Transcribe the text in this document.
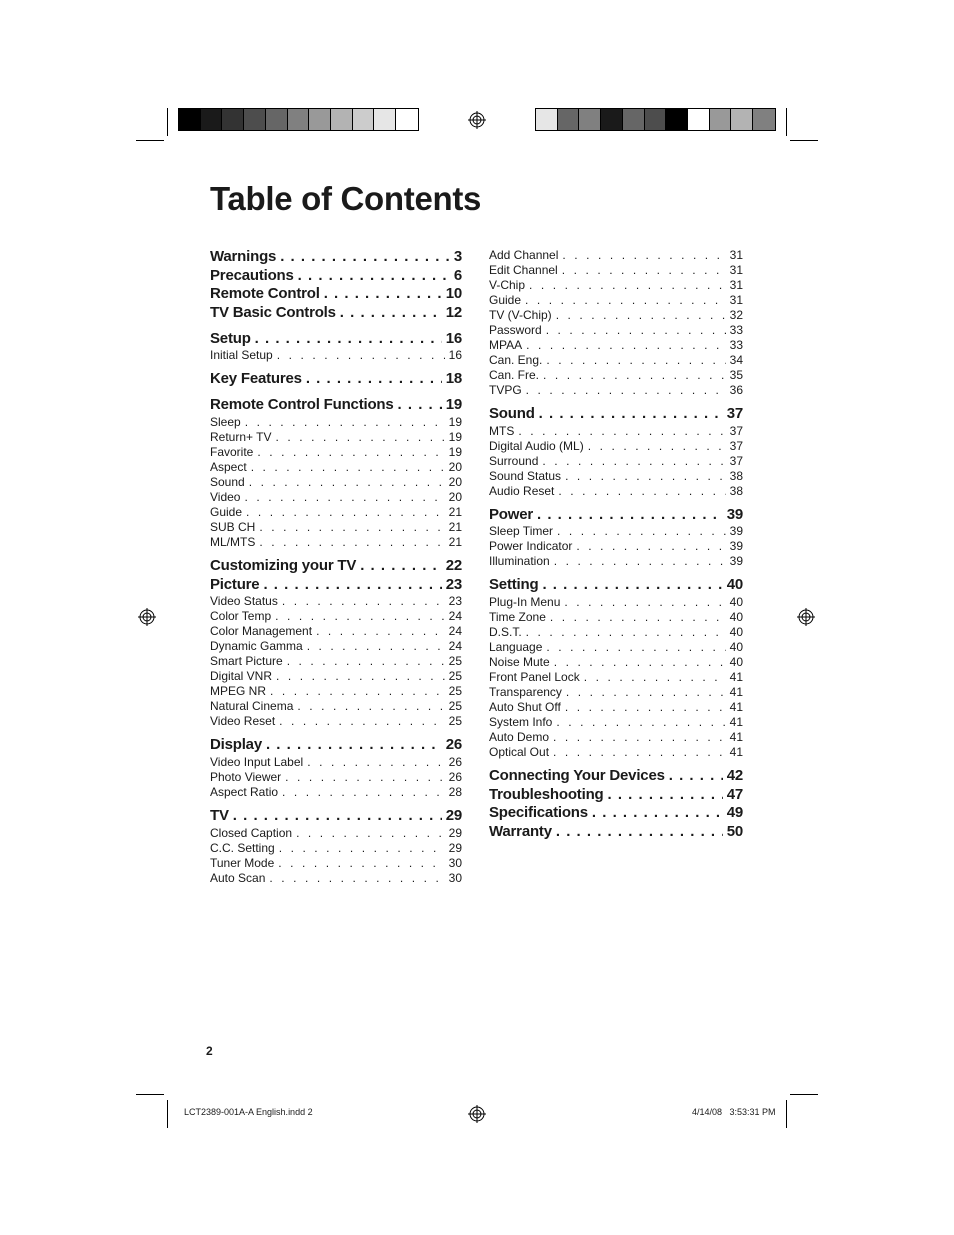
Table of Contents
Warnings . . .	3
Precautions . . .	6
Remote Control . . .	10
TV Basic Controls . . .	12
Setup . . .	16
Initial Setup . . .	16
Key Features . . .	18
Remote Control Functions . . .	19
Sleep . . .	19
Return+ TV . . .	19
Favorite . . .	19
Aspect . . .	20
Sound . . .	20
Video . . .	20
Guide . . .	21
SUB CH . . .	21
ML/MTS . . .	21
Customizing your TV . . .	22
Picture . . .	23
Video Status . . .	23
Color Temp . . .	24
Color Management . . .	24
Dynamic Gamma . . .	24
Smart Picture . . .	25
Digital VNR . . .	25
MPEG NR . . .	25
Natural Cinema . . .	25
Video Reset . . .	25
Display . . .	26
Video Input Label . . .	26
Photo Viewer . . .	26
Aspect Ratio . . .	28
TV . . .	29
Closed Caption . . .	29
C.C. Setting . . .	29
Tuner Mode . . .	30
Auto Scan . . .	30
Add Channel . . .	31
Edit Channel . . .	31
V-Chip . . .	31
Guide . . .	31
TV (V-Chip) . . .	32
Password . . .	33
MPAA . . .	33
Can. Eng. . . .	34
Can. Fre. . . .	35
TVPG . . .	36
Sound . . .	37
MTS . . .	37
Digital Audio (ML) . . .	37
Surround . . .	37
Sound Status . . .	38
Audio Reset . . .	38
Power . . .	39
Sleep Timer . . .	39
Power Indicator . . .	39
Illumination . . .	39
Setting . . .	40
Plug-In Menu . . .	40
Time Zone . . .	40
D.S.T. . . .	40
Language . . .	40
Noise Mute . . .	40
Front Panel Lock . . .	41
Transparency . . .	41
Auto Shut Off . . .	41
System Info . . .	41
Auto Demo . . .	41
Optical Out . . .	41
Connecting Your Devices . . .	42
Troubleshooting . . .	47
Specifications . . .	49
Warranty . . .	50
2
LCT2389-001A-A English.indd 2	4/14/08   3:53:31 PM
